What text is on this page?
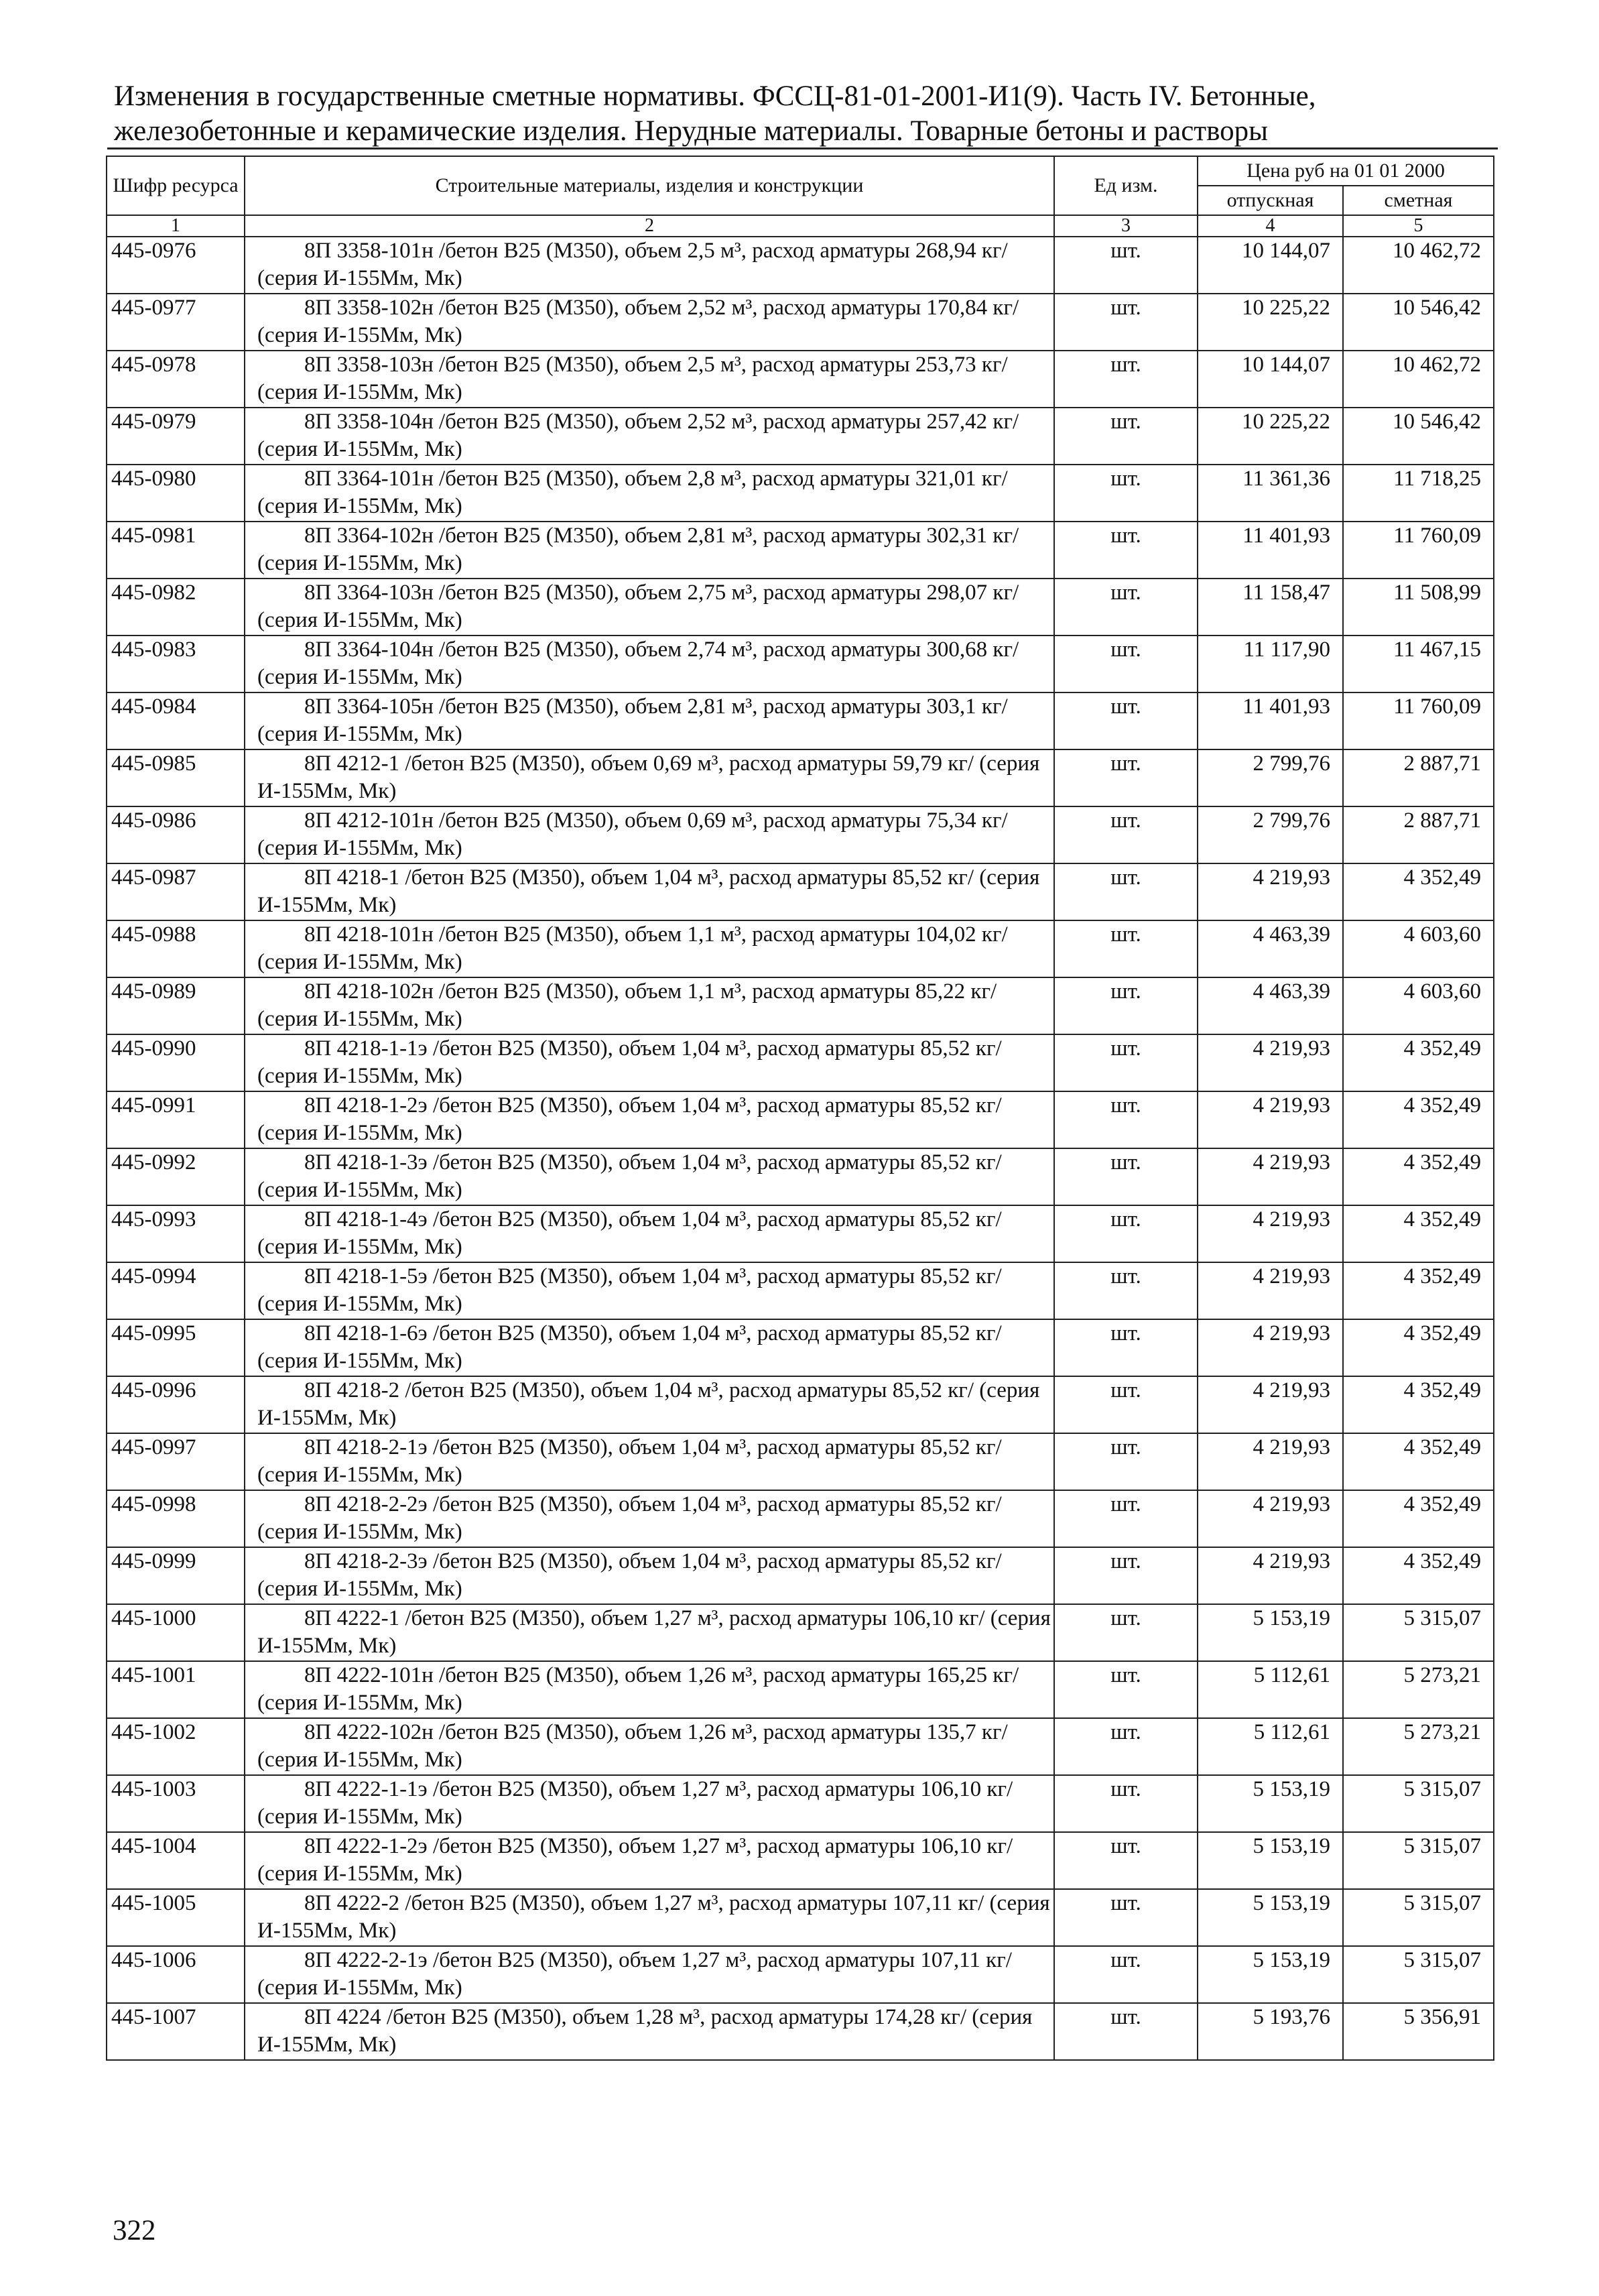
Изменения в государственные сметные нормативы. ФССЦ-81-01-2001-И1(9). Часть IV. Бетонные, железобетонные и керамические изделия. Нерудные материалы. Товарные бетоны и растворы
Шифр ресурса	Строительные материалы, изделия и конструкции	Ед изм.	Цена руб на 01 01 2000	
			отпускная	сметная
1	2	3	4	5
445-0976	8П 3358-101н /бетон В25 (М350), объем 2,5 м³, расход арматуры 268,94 кг/ (серия И-155Мм, Мк)	шт.	10 144,07	10 462,72
445-0977	8П 3358-102н /бетон В25 (М350), объем 2,52 м³, расход арматуры 170,84 кг/ (серия И-155Мм, Мк)	шт.	10 225,22	10 546,42
445-0978	8П 3358-103н /бетон В25 (М350), объем 2,5 м³, расход арматуры 253,73 кг/ (серия И-155Мм, Мк)	шт.	10 144,07	10 462,72
445-0979	8П 3358-104н /бетон В25 (М350), объем 2,52 м³, расход арматуры 257,42 кг/ (серия И-155Мм, Мк)	шт.	10 225,22	10 546,42
445-0980	8П 3364-101н /бетон В25 (М350), объем 2,8 м³, расход арматуры 321,01 кг/ (серия И-155Мм, Мк)	шт.	11 361,36	11 718,25
445-0981	8П 3364-102н /бетон В25 (М350), объем 2,81 м³, расход арматуры 302,31 кг/ (серия И-155Мм, Мк)	шт.	11 401,93	11 760,09
445-0982	8П 3364-103н /бетон В25 (М350), объем 2,75 м³, расход арматуры 298,07 кг/ (серия И-155Мм, Мк)	шт.	11 158,47	11 508,99
445-0983	8П 3364-104н /бетон В25 (М350), объем 2,74 м³, расход арматуры 300,68 кг/ (серия И-155Мм, Мк)	шт.	11 117,90	11 467,15
445-0984	8П 3364-105н /бетон В25 (М350), объем 2,81 м³, расход арматуры 303,1 кг/ (серия И-155Мм, Мк)	шт.	11 401,93	11 760,09
445-0985	8П 4212-1 /бетон В25 (М350), объем 0,69 м³, расход арматуры 59,79 кг/ (серия И-155Мм, Мк)	шт.	2 799,76	2 887,71
445-0986	8П 4212-101н /бетон В25 (М350), объем 0,69 м³, расход арматуры 75,34 кг/ (серия И-155Мм, Мк)	шт.	2 799,76	2 887,71
445-0987	8П 4218-1 /бетон В25 (М350), объем 1,04 м³, расход арматуры 85,52 кг/ (серия И-155Мм, Мк)	шт.	4 219,93	4 352,49
445-0988	8П 4218-101н /бетон В25 (М350), объем 1,1 м³, расход арматуры 104,02 кг/ (серия И-155Мм, Мк)	шт.	4 463,39	4 603,60
445-0989	8П 4218-102н /бетон В25 (М350), объем 1,1 м³, расход арматуры 85,22 кг/ (серия И-155Мм, Мк)	шт.	4 463,39	4 603,60
445-0990	8П 4218-1-1э /бетон В25 (М350), объем 1,04 м³, расход арматуры 85,52 кг/ (серия И-155Мм, Мк)	шт.	4 219,93	4 352,49
445-0991	8П 4218-1-2э /бетон В25 (М350), объем 1,04 м³, расход арматуры 85,52 кг/ (серия И-155Мм, Мк)	шт.	4 219,93	4 352,49
445-0992	8П 4218-1-3э /бетон В25 (М350), объем 1,04 м³, расход арматуры 85,52 кг/ (серия И-155Мм, Мк)	шт.	4 219,93	4 352,49
445-0993	8П 4218-1-4э /бетон В25 (М350), объем 1,04 м³, расход арматуры 85,52 кг/ (серия И-155Мм, Мк)	шт.	4 219,93	4 352,49
445-0994	8П 4218-1-5э /бетон В25 (М350), объем 1,04 м³, расход арматуры 85,52 кг/ (серия И-155Мм, Мк)	шт.	4 219,93	4 352,49
445-0995	8П 4218-1-6э /бетон В25 (М350), объем 1,04 м³, расход арматуры 85,52 кг/ (серия И-155Мм, Мк)	шт.	4 219,93	4 352,49
445-0996	8П 4218-2 /бетон В25 (М350), объем 1,04 м³, расход арматуры 85,52 кг/ (серия И-155Мм, Мк)	шт.	4 219,93	4 352,49
445-0997	8П 4218-2-1э /бетон В25 (М350), объем 1,04 м³, расход арматуры 85,52 кг/ (серия И-155Мм, Мк)	шт.	4 219,93	4 352,49
445-0998	8П 4218-2-2э /бетон В25 (М350), объем 1,04 м³, расход арматуры 85,52 кг/ (серия И-155Мм, Мк)	шт.	4 219,93	4 352,49
445-0999	8П 4218-2-3э /бетон В25 (М350), объем 1,04 м³, расход арматуры 85,52 кг/ (серия И-155Мм, Мк)	шт.	4 219,93	4 352,49
445-1000	8П 4222-1 /бетон В25 (М350), объем 1,27 м³, расход арматуры 106,10 кг/ (серия И-155Мм, Мк)	шт.	5 153,19	5 315,07
445-1001	8П 4222-101н /бетон В25 (М350), объем 1,26 м³, расход арматуры 165,25 кг/ (серия И-155Мм, Мк)	шт.	5 112,61	5 273,21
445-1002	8П 4222-102н /бетон В25 (М350), объем 1,26 м³, расход арматуры 135,7 кг/ (серия И-155Мм, Мк)	шт.	5 112,61	5 273,21
445-1003	8П 4222-1-1э /бетон В25 (М350), объем 1,27 м³, расход арматуры 106,10 кг/ (серия И-155Мм, Мк)	шт.	5 153,19	5 315,07
445-1004	8П 4222-1-2э /бетон В25 (М350), объем 1,27 м³, расход арматуры 106,10 кг/ (серия И-155Мм, Мк)	шт.	5 153,19	5 315,07
445-1005	8П 4222-2 /бетон В25 (М350), объем 1,27 м³, расход арматуры 107,11 кг/ (серия И-155Мм, Мк)	шт.	5 153,19	5 315,07
445-1006	8П 4222-2-1э /бетон В25 (М350), объем 1,27 м³, расход арматуры 107,11 кг/ (серия И-155Мм, Мк)	шт.	5 153,19	5 315,07
445-1007	8П 4224 /бетон В25 (М350), объем 1,28 м³, расход арматуры 174,28 кг/ (серия И-155Мм, Мк)	шт.	5 193,76	5 356,91
322
